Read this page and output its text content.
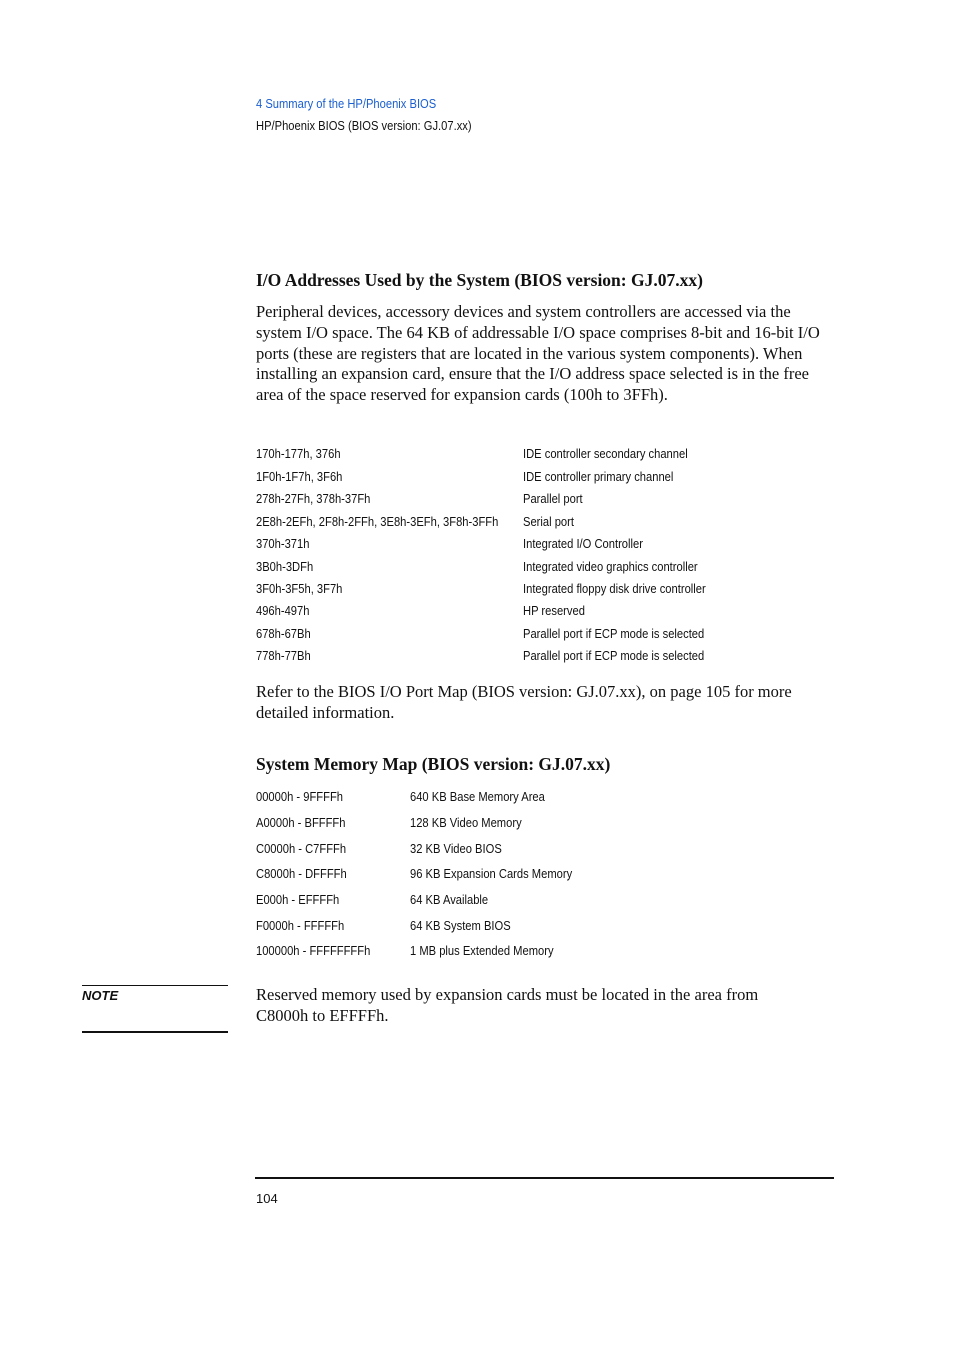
4 Summary of the HP/Phoenix BIOS
HP/Phoenix BIOS (BIOS version: GJ.07.xx)
I/O Addresses Used by the System (BIOS version: GJ.07.xx)
Peripheral devices, accessory devices and system controllers are accessed via the system I/O space. The 64 KB of addressable I/O space comprises 8-bit and 16-bit I/O ports (these are registers that are located in the various system components). When installing an expansion card, ensure that the I/O address space selected is in the free area of the space reserved for expansion cards (100h to 3FFh).
170h-177h, 376h	IDE controller secondary channel
1F0h-1F7h, 3F6h	IDE controller primary channel
278h-27Fh, 378h-37Fh	Parallel port
2E8h-2EFh, 2F8h-2FFh, 3E8h-3EFh, 3F8h-3FFh Serial port
370h-371h	Integrated I/O Controller
3B0h-3DFh	Integrated video graphics controller
3F0h-3F5h, 3F7h	Integrated floppy disk drive controller
496h-497h	HP reserved
678h-67Bh	Parallel port if ECP mode is selected
778h-77Bh	Parallel port if ECP mode is selected
Refer to the BIOS I/O Port Map (BIOS version: GJ.07.xx), on page 105 for more detailed information.
System Memory Map (BIOS version: GJ.07.xx)
00000h - 9FFFFh	640 KB Base Memory Area
A0000h - BFFFFh	128 KB Video Memory
C0000h - C7FFFh	32 KB Video BIOS
C8000h - DFFFFh	96 KB Expansion Cards Memory
E000h - EFFFFh	64 KB Available
F0000h - FFFFFh	64 KB System BIOS
100000h - FFFFFFFFh	1 MB plus Extended Memory
NOTE	Reserved memory used by expansion cards must be located in the area from C8000h to EFFFFh.
104
